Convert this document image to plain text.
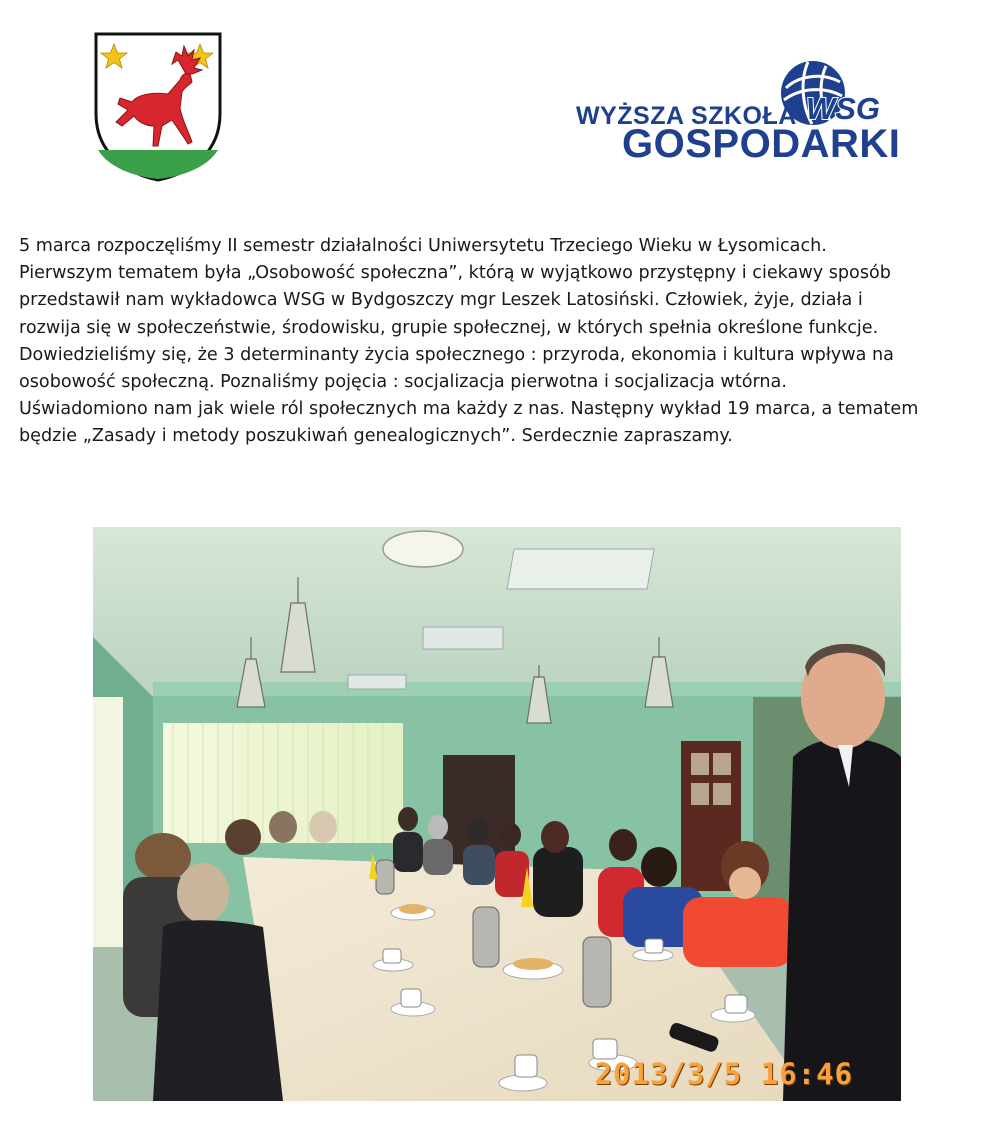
WSG
WYŻSZA SZKOŁA
GOSPODARKI

5 marca rozpoczęliśmy II semestr działalności Uniwersytetu Trzeciego Wieku w Łysomicach.

Pierwszym tematem była „Osobowość społeczna”, którą w wyjątkowo przystępny i ciekawy sposób

przedstawił nam wykładowca WSG w Bydgoszczy mgr Leszek Latosiński. Człowiek, żyje, działa i

rozwija się w społeczeństwie, środowisku, grupie społecznej, w których spełnia określone funkcje.

Dowiedzieliśmy się, że 3 determinanty życia społecznego : przyroda, ekonomia i kultura wpływa na

osobowość społeczną. Poznaliśmy pojęcia : socjalizacja pierwotna i socjalizacja wtórna.

Uświadomiono nam jak wiele ról społecznych ma każdy z nas. Następny wykład 19 marca, a tematem

będzie „Zasady i metody poszukiwań genealogicznych”. Serdecznie zapraszamy.

2013/3/5 16:46
